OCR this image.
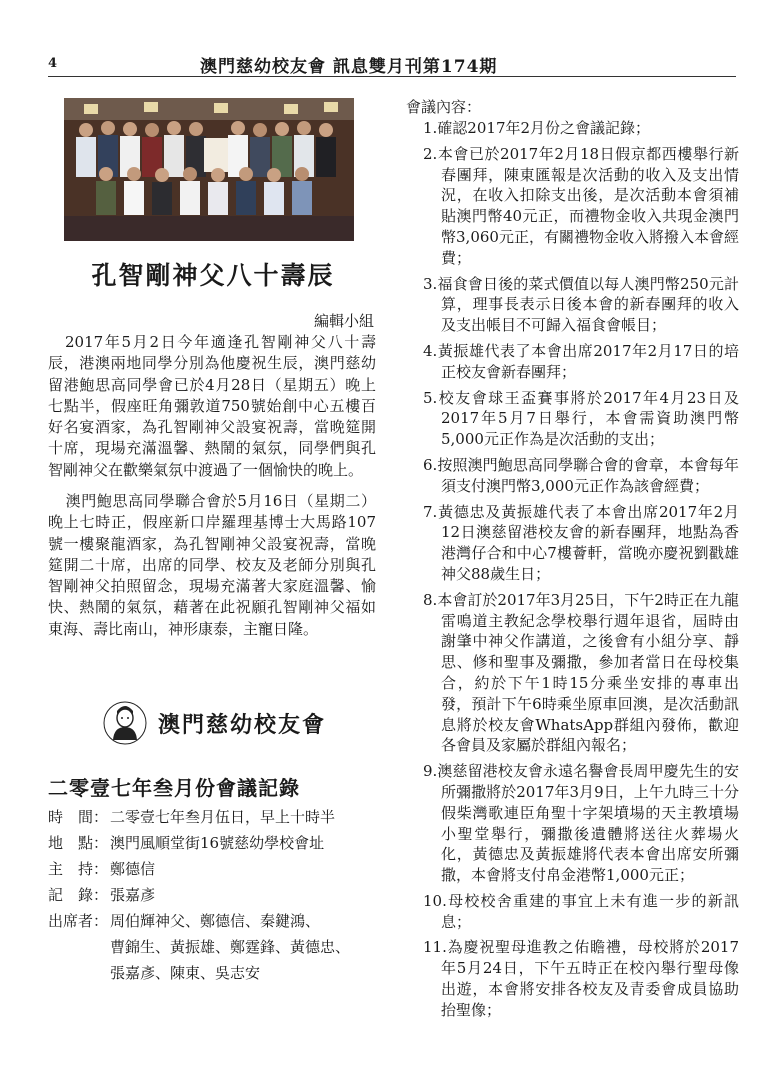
4	澳門慈幼校友會 訊息雙月刊第174期
孔智剛神父八十壽辰
編輯小組

2017年5月2日今年適逢孔智剛神父八十壽辰，港澳兩地同學分別為他慶祝生辰，澳門慈幼留港鮑思高同學會已於4月28日（星期五）晚上七點半，假座旺角彌敦道750號始創中心五樓百好名宴酒家，為孔智剛神父設宴祝壽，當晚筵開十席，現場充滿溫馨、熱鬧的氣氛，同學們與孔智剛神父在歡樂氣氛中渡過了一個愉快的晚上。

澳門鮑思高同學聯合會於5月16日（星期二）晚上七時正，假座新口岸羅理基博士大馬路107號一樓聚龍酒家，為孔智剛神父設宴祝壽，當晚筵開二十席，出席的同學、校友及老師分別與孔智剛神父拍照留念，現場充滿著大家庭溫馨、愉快、熱鬧的氣氛，藉著在此祝願孔智剛神父福如東海、壽比南山，神形康泰，主寵日隆。

澳門慈幼校友會
二零壹七年叁月份會議記錄
時　間： 二零壹七年叁月伍日，早上十時半
地　點： 澳門風順堂街16號慈幼學校會址
主　持： 鄭德信
記　錄： 張嘉彥
出席者： 周伯輝神父、鄭德信、秦鍵鴻、
曹錦生、黃振雄、鄭霆鋒、黃德忠、
張嘉彥、陳東、吳志安
會議內容：
1.確認2017年2月份之會議記錄；
2.本會已於2017年2月18日假京都西樓舉行新春團拜，陳東匯報是次活動的收入及支出情況，在收入扣除支出後，是次活動本會須補貼澳門幣40元正，而禮物金收入共現金澳門幣3,060元正，有關禮物金收入將撥入本會經費；
3.福食會日後的菜式價值以每人澳門幣250元計算，理事長表示日後本會的新春團拜的收入及支出帳目不可歸入福食會帳目；
4.黃振雄代表了本會出席2017年2月17日的培正校友會新春團拜；
5.校友會球王盃賽事將於2017年4月23日及2017年5月7日舉行，本會需資助澳門幣5,000元正作為是次活動的支出；
6.按照澳門鮑思高同學聯合會的會章，本會每年須支付澳門幣3,000元正作為該會經費；
7.黃德忠及黃振雄代表了本會出席2017年2月12日澳慈留港校友會的新春團拜，地點為香港灣仔合和中心7樓薈軒，當晚亦慶祝劉戳雄神父88歲生日；
8.本會訂於2017年3月25日，下午2時正在九龍雷鳴道主教紀念學校舉行週年退省，屆時由謝肇中神父作講道，之後會有小組分享、靜思、修和聖事及彌撒，參加者當日在母校集合，約於下午1時15分乘坐安排的專車出發，預計下午6時乘坐原車回澳，是次活動訊息將於校友會WhatsApp群組內發佈，歡迎各會員及家屬於群組內報名；
9.澳慈留港校友會永遠名譽會長周甲慶先生的安所彌撒將於2017年3月9日，上午九時三十分假柴灣歌連臣角聖十字架墳場的天主教墳場小聖堂舉行，彌撒後遺體將送往火葬場火化，黃德忠及黃振雄將代表本會出席安所彌撒，本會將支付帛金港幣1,000元正；
10.母校校舍重建的事宜上未有進一步的新訊息；
11.為慶祝聖母進教之佑瞻禮，母校將於2017年5月24日，下午五時正在校內舉行聖母像出遊，本會將安排各校友及青委會成員協助抬聖像；
